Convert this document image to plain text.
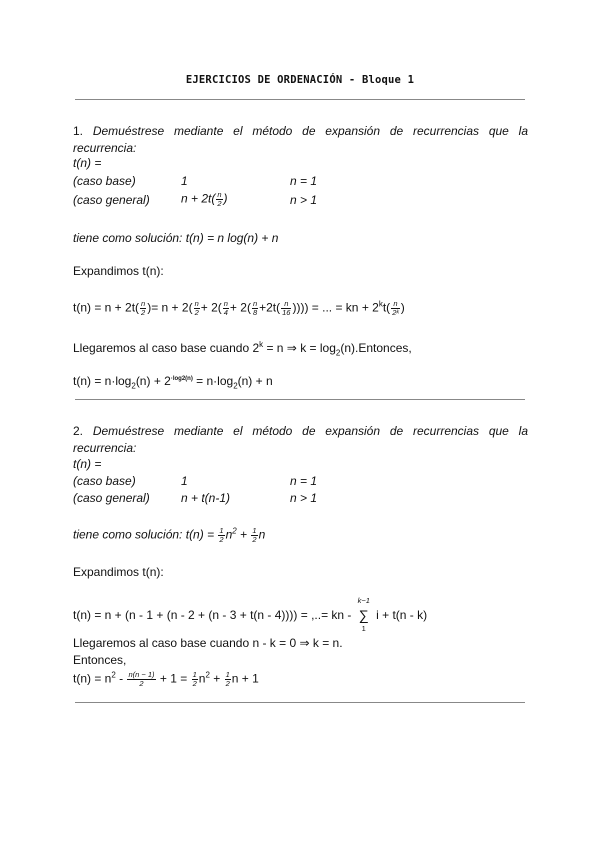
EJERCICIOS DE ORDENACIÓN - Bloque 1
1. Demuéstrese mediante el método de expansión de recurrencias que la
recurrencia:
t(n) =
(caso base)	1	n = 1
(caso general)	$n + 2t( \frac{n}{2}$ )	n > 1
tiene como solución: t(n) = n log(n) + n
Expandimos t(n):
$t(n) = n + 2t( \frac{n}{2}$ )= $n + 2( \frac{n}{2} + 2( \frac{n}{4} + 2( \frac{n}{8} +2t( \frac{n}{16}$ )))) = ... = kn + $2^kt( \frac{n}{\text{2ᵏ}}$ )
Llegaremos al caso base cuando $2^k = n$ ⇒ $k = \log_2(n).Entonces$,
$t(n) = n\cdot\log_2(n) + 2^{\cdot log2(n)} = n\cdot\log_2(n) + n$
2. Demuéstrese mediante el método de expansión de recurrencias que la
recurrencia:
t(n) =
(caso base)	1	n = 1
(caso general)	n + t(n-1)	n > 1
tiene como solución: $t(n) = \frac{1}{2} n^2 + \frac{1}{2}$ n
Expandimos t(n):
t(n) = n + (n - 1 + (n - 2 + (n - 3 + t(n - 4)))) = ,..= kn -
k−1
∑
1
i + t(n - k)
Llegaremos al caso base cuando n - k = 0 ⇒ k = n.
Entonces,
$t(n) = n^2 - \frac{n(n - 1)}{2} + 1 = \frac{1}{2} n^2 + \frac{1}{2}$ n + 1
